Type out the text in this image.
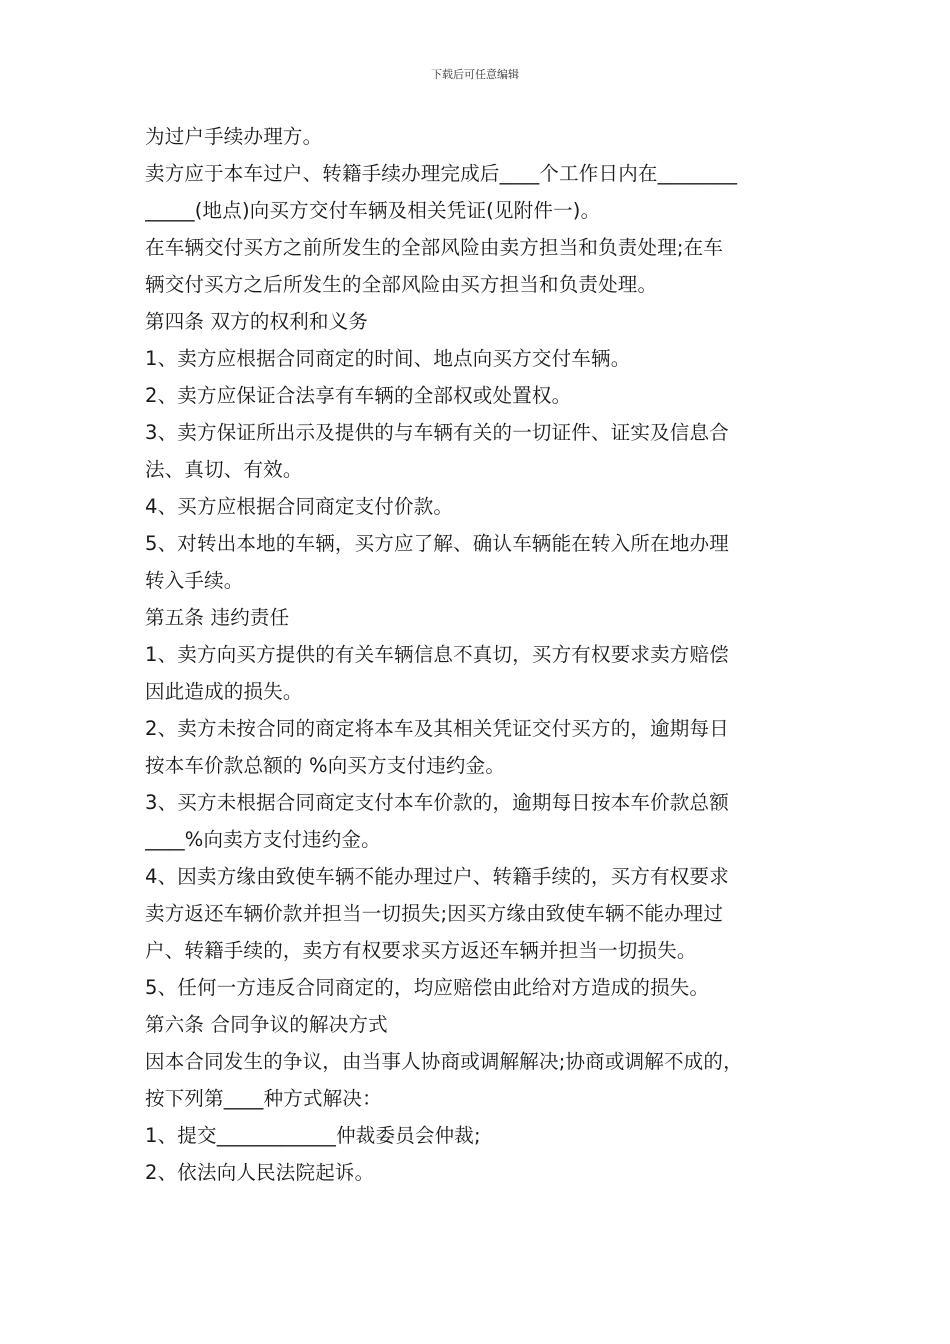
下载后可任意编辑
为过户手续办理方。
卖方应于本车过户、转籍手续办理完成后____个工作日内在________
_____(地点)向买方交付车辆及相关凭证(见附件一)。
在车辆交付买方之前所发生的全部风险由卖方担当和负责处理;在车
辆交付买方之后所发生的全部风险由买方担当和负责处理。
第四条 双方的权利和义务
1、卖方应根据合同商定的时间、地点向买方交付车辆。
2、卖方应保证合法享有车辆的全部权或处置权。
3、卖方保证所出示及提供的与车辆有关的一切证件、证实及信息合
法、真切、有效。
4、买方应根据合同商定支付价款。
5、对转出本地的车辆，买方应了解、确认车辆能在转入所在地办理
转入手续。
第五条 违约责任
1、卖方向买方提供的有关车辆信息不真切，买方有权要求卖方赔偿
因此造成的损失。
2、卖方未按合同的商定将本车及其相关凭证交付买方的，逾期每日
按本车价款总额的 %向买方支付违约金。
3、买方未根据合同商定支付本车价款的，逾期每日按本车价款总额
____%向卖方支付违约金。
4、因卖方缘由致使车辆不能办理过户、转籍手续的，买方有权要求
卖方返还车辆价款并担当一切损失;因买方缘由致使车辆不能办理过
户、转籍手续的，卖方有权要求买方返还车辆并担当一切损失。
5、任何一方违反合同商定的，均应赔偿由此给对方造成的损失。
第六条 合同争议的解决方式
因本合同发生的争议，由当事人协商或调解解决;协商或调解不成的，
按下列第____种方式解决：
1、提交____________仲裁委员会仲裁;
2、依法向人民法院起诉。
